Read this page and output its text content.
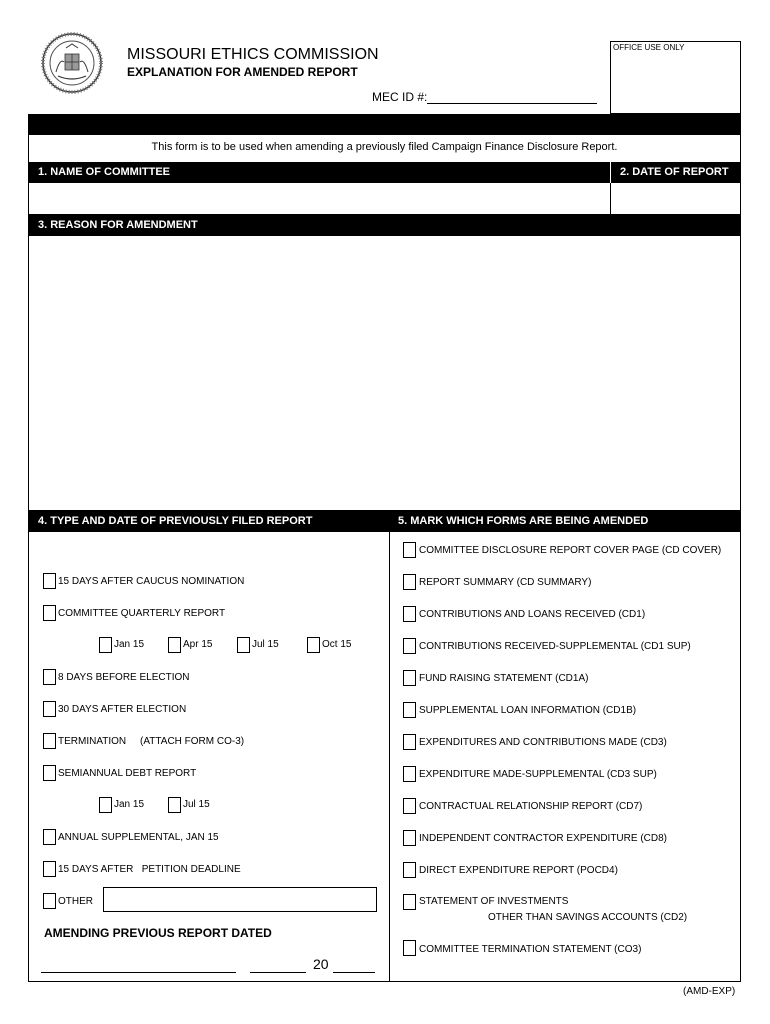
MISSOURI ETHICS COMMISSION
EXPLANATION FOR AMENDED REPORT
MEC ID #:
OFFICE USE ONLY
This form is to be used when amending a previously filed Campaign Finance Disclosure Report.
1. NAME OF COMMITTEE	2. DATE OF REPORT
3. REASON FOR AMENDMENT
4. TYPE AND DATE OF PREVIOUSLY FILED REPORT	5. MARK WHICH FORMS ARE BEING AMENDED
15 DAYS AFTER CAUCUS NOMINATION
COMMITTEE QUARTERLY REPORT
Jan 15	Apr 15	Jul 15	Oct 15
8 DAYS BEFORE ELECTION
30 DAYS AFTER ELECTION
TERMINATION     (ATTACH FORM CO-3)
SEMIANNUAL DEBT REPORT
Jan 15	Jul 15
ANNUAL SUPPLEMENTAL, JAN 15
15 DAYS AFTER   PETITION DEADLINE
OTHER
AMENDING PREVIOUS REPORT DATED
20
COMMITTEE DISCLOSURE REPORT COVER PAGE (CD COVER)
REPORT SUMMARY (CD SUMMARY)
CONTRIBUTIONS AND LOANS RECEIVED (CD1)
CONTRIBUTIONS RECEIVED-SUPPLEMENTAL (CD1 SUP)
FUND RAISING STATEMENT (CD1A)
SUPPLEMENTAL LOAN INFORMATION (CD1B)
EXPENDITURES AND CONTRIBUTIONS MADE (CD3)
EXPENDITURE MADE-SUPPLEMENTAL (CD3 SUP)
CONTRACTUAL RELATIONSHIP REPORT (CD7)
INDEPENDENT CONTRACTOR EXPENDITURE (CD8)
DIRECT EXPENDITURE REPORT (POCD4)
STATEMENT OF INVESTMENTS
OTHER THAN SAVINGS ACCOUNTS (CD2)
COMMITTEE TERMINATION STATEMENT (CO3)
(AMD-EXP)
